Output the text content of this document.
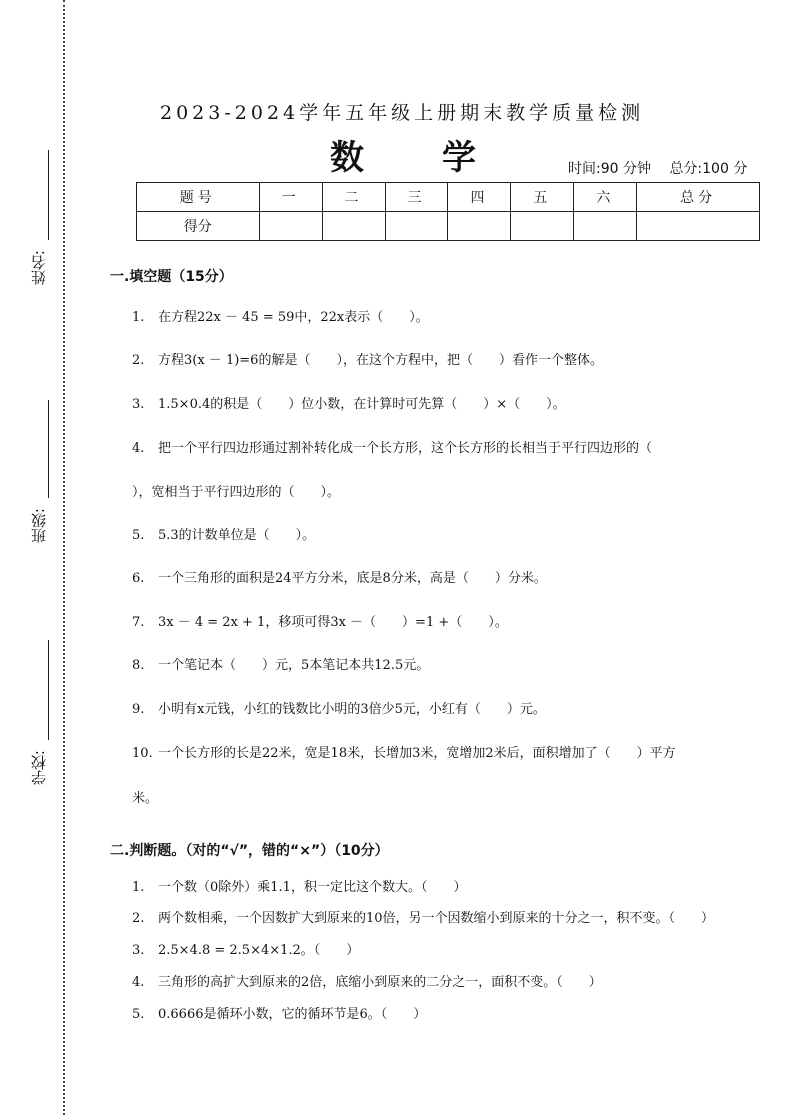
姓名:
班级:
学校:
2023-2024学年五年级上册期末教学质量检测
数学 时间:90 分钟 总分:100 分
题号	一	二	三	四	五	六	总分
得分							
一.填空题（15分）
1. 在方程22x － 45 = 59中，22x表示（　　）。
2. 方程3(x － 1)=6的解是（　　），在这个方程中，把（　　）看作一个整体。
3. 1.5×0.4的积是（　　）位小数，在计算时可先算（　　）×（　　）。
4. 把一个平行四边形通过割补转化成一个长方形，这个长方形的长相当于平行四边形的（
），宽相当于平行四边形的（　　）。
5. 5.3的计数单位是（　　）。
6. 一个三角形的面积是24平方分米，底是8分米，高是（　　）分米。
7. 3x － 4 = 2x + 1，移项可得3x －（　　）=1 +（　　）。
8. 一个笔记本（　　）元，5本笔记本共12.5元。
9. 小明有x元钱，小红的钱数比小明的3倍少5元，小红有（　　）元。
10. 一个长方形的长是22米，宽是18米，长增加3米，宽增加2米后，面积增加了（　　）平方
米。
二.判断题。（对的“√”，错的“×”）（10分）
1. 一个数（0除外）乘1.1，积一定比这个数大。（　　）
2. 两个数相乘，一个因数扩大到原来的10倍，另一个因数缩小到原来的十分之一，积不变。（　　）
3. 2.5×4.8 = 2.5×4×1.2。（　　）
4. 三角形的高扩大到原来的2倍，底缩小到原来的二分之一，面积不变。（　　）
5. 0.6666是循环小数，它的循环节是6。（　　）
